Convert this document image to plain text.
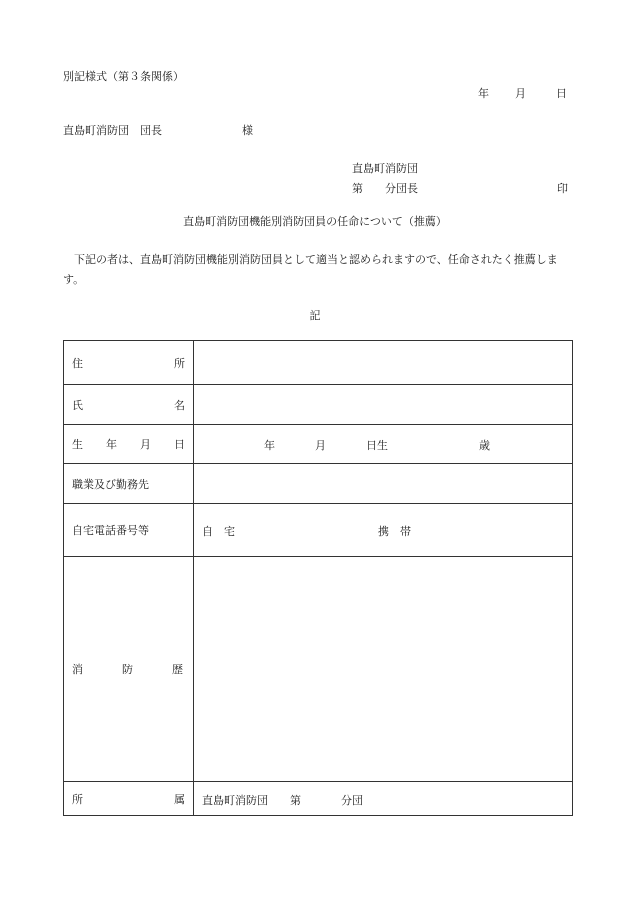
別記様式（第３条関係）
年 月	日
直島町消防団　団長	様
直島町消防団
第 分団長	印
直島町消防団機能別消防団員の任命について（推薦）
下記の者は、直島町消防団機能別消防団員として適当と認められますので、任命されたく推薦します。
記
住 所	

氏 名	

生 年 月 日	年 月 日生 歳

職業及び勤務先	

自宅電話番号等	自　宅 携　帯

消 防 歴	

所 属	直島町消防団 第 分団
